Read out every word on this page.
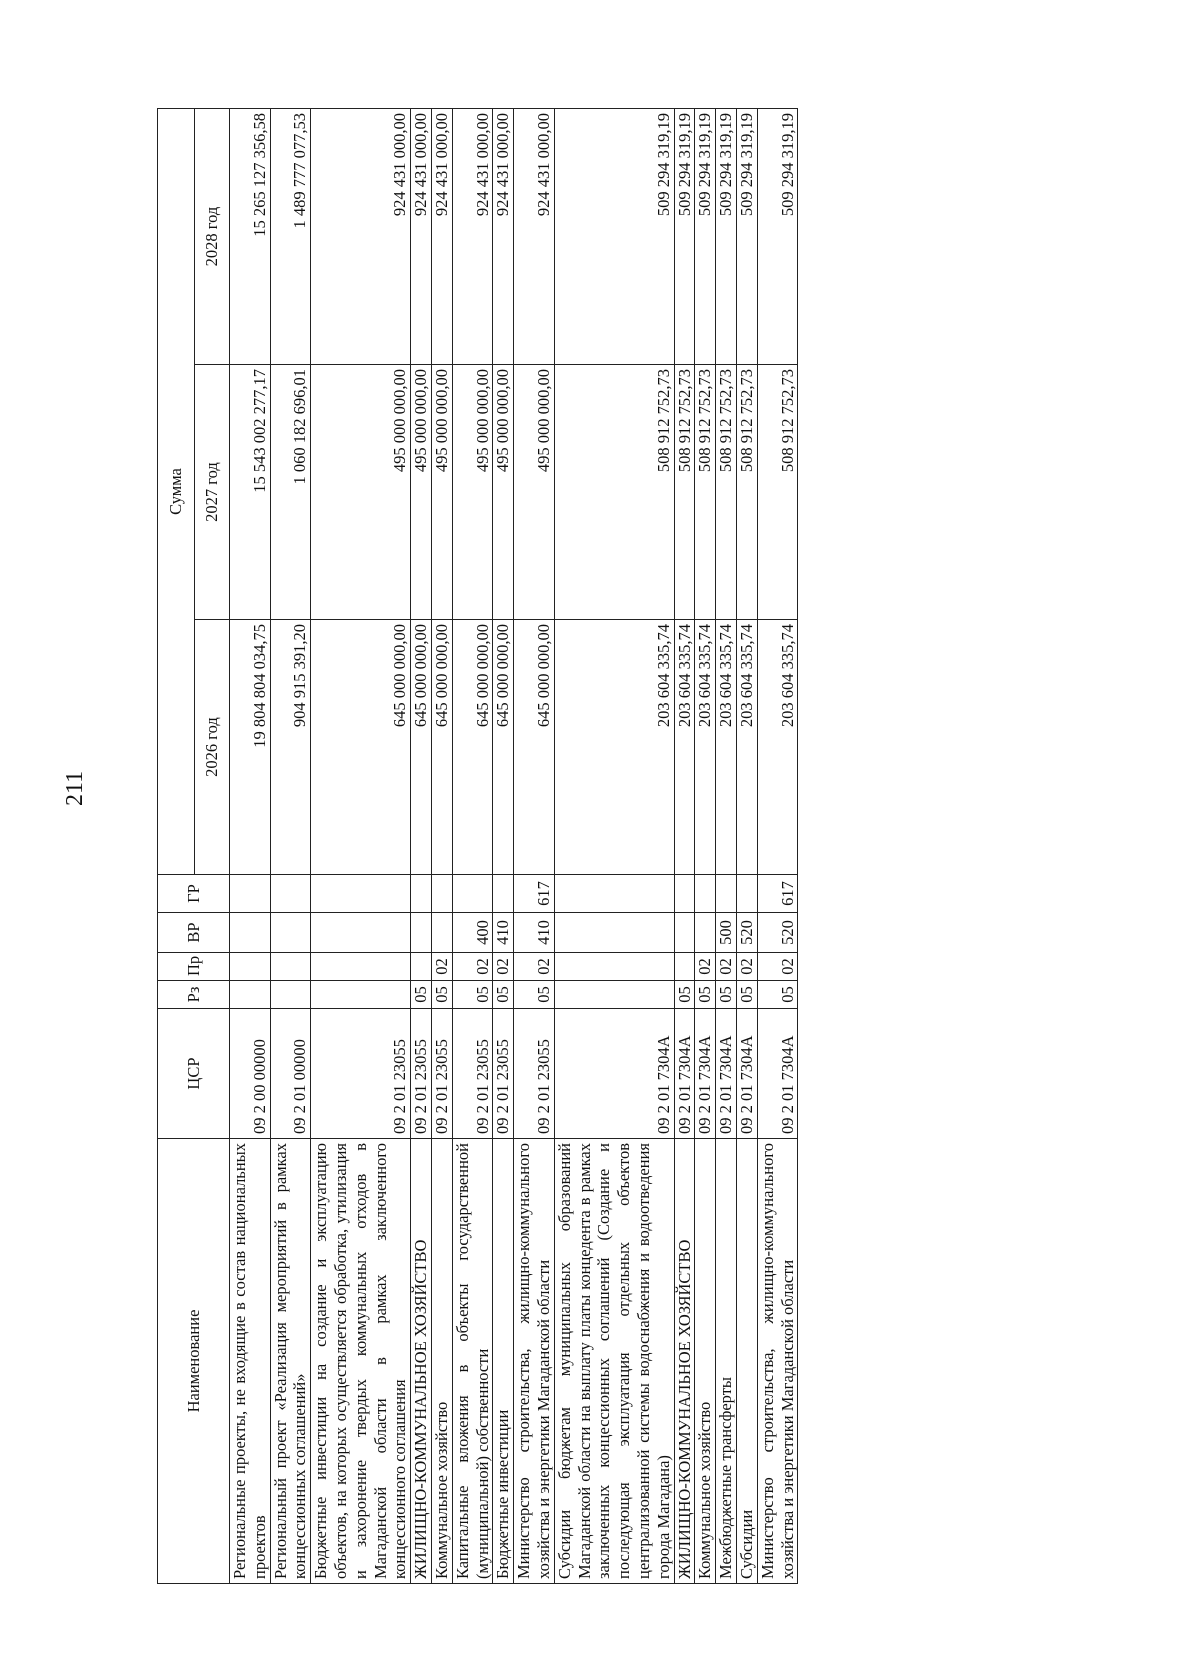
211
Наименование	ЦСР	Рз	Пр	ВР	ГР	Сумма		
						2026 год	2027 год	2028 год
Региональные проекты, не входящие в состав национальных проектов	09 2 00 00000					19 804 804 034,75	15 543 002 277,17	15 265 127 356,58
Региональный проект «Реализация мероприятий в рамках концессионных соглашений»	09 2 01 00000					904 915 391,20	1 060 182 696,01	1 489 777 077,53
Бюджетные инвестиции на создание и эксплуатацию объектов, на которых осуществляется обработка, утилизация и захоронение твердых коммунальных отходов в Магаданской области в рамках заключенного концессионного соглашения	09 2 01 23055					645 000 000,00	495 000 000,00	924 431 000,00
ЖИЛИЩНО-КОММУНАЛЬНОЕ ХОЗЯЙСТВО	09 2 01 23055	05				645 000 000,00	495 000 000,00	924 431 000,00
Коммунальное хозяйство	09 2 01 23055	05	02			645 000 000,00	495 000 000,00	924 431 000,00
Капитальные вложения в объекты государственной (муниципальной) собственности	09 2 01 23055	05	02	400		645 000 000,00	495 000 000,00	924 431 000,00
Бюджетные инвестиции	09 2 01 23055	05	02	410		645 000 000,00	495 000 000,00	924 431 000,00
Министерство строительства, жилищно-коммунального хозяйства и энергетики Магаданской области	09 2 01 23055	05	02	410	617	645 000 000,00	495 000 000,00	924 431 000,00
Субсидии бюджетам муниципальных образований Магаданской области на выплату платы концедента в рамках заключенных концессионных соглашений (Создание и последующая эксплуатация отдельных объектов централизованной системы водоснабжения и водоотведения города Магадана)	09 2 01 7304А					203 604 335,74	508 912 752,73	509 294 319,19
ЖИЛИЩНО-КОММУНАЛЬНОЕ ХОЗЯЙСТВО	09 2 01 7304А	05				203 604 335,74	508 912 752,73	509 294 319,19
Коммунальное хозяйство	09 2 01 7304А	05	02			203 604 335,74	508 912 752,73	509 294 319,19
Межбюджетные трансферты	09 2 01 7304А	05	02	500		203 604 335,74	508 912 752,73	509 294 319,19
Субсидии	09 2 01 7304А	05	02	520		203 604 335,74	508 912 752,73	509 294 319,19
Министерство строительства, жилищно-коммунального хозяйства и энергетики Магаданской области	09 2 01 7304А	05	02	520	617	203 604 335,74	508 912 752,73	509 294 319,19
